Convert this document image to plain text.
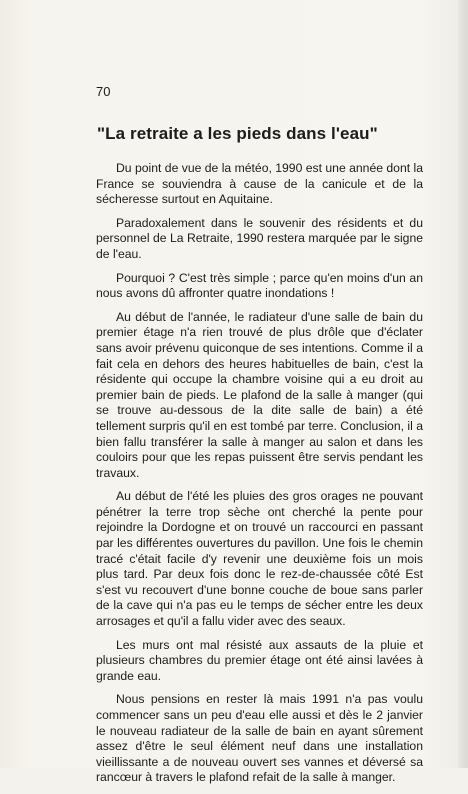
70
"La retraite a les pieds dans l'eau"

Du point de vue de la météo, 1990 est une année dont la France se souviendra à cause de la canicule et de la sécheresse surtout en Aquitaine.

Paradoxalement dans le souvenir des résidents et du personnel de La Retraite, 1990 restera marquée par le signe de l'eau.

Pourquoi ? C'est très simple ; parce qu'en moins d'un an nous avons dû affronter quatre inondations !

Au début de l'année, le radiateur d'une salle de bain du premier étage n'a rien trouvé de plus drôle que d'éclater sans avoir prévenu quiconque de ses intentions. Comme il a fait cela en dehors des heures habituelles de bain, c'est la résidente qui occupe la chambre voisine qui a eu droit au premier bain de pieds. Le plafond de la salle à manger (qui se trouve au-dessous de la dite salle de bain) a été tellement surpris qu'il en est tombé par terre. Conclusion, il a bien fallu transférer la salle à manger au salon et dans les couloirs pour que les repas puissent être servis pendant les travaux.

Au début de l'été les pluies des gros orages ne pouvant pénétrer la terre trop sèche ont cherché la pente pour rejoindre la Dordogne et on trouvé un raccourci en passant par les différentes ouvertures du pavillon. Une fois le chemin tracé c'était facile d'y revenir une deuxième fois un mois plus tard. Par deux fois donc le rez-de-chaussée côté Est s'est vu recouvert d'une bonne couche de boue sans parler de la cave qui n'a pas eu le temps de sécher entre les deux arrosages et qu'il a fallu vider avec des seaux.

Les murs ont mal résisté aux assauts de la pluie et plusieurs chambres du premier étage ont été ainsi lavées à grande eau.

Nous pensions en rester là mais 1991 n'a pas voulu commencer sans un peu d'eau elle aussi et dès le 2 janvier le nouveau radiateur de la salle de bain en ayant sûrement assez d'être le seul élément neuf dans une installation vieillissante a de nouveau ouvert ses vannes et déversé sa rancœur à travers le plafond refait de la salle à manger.
